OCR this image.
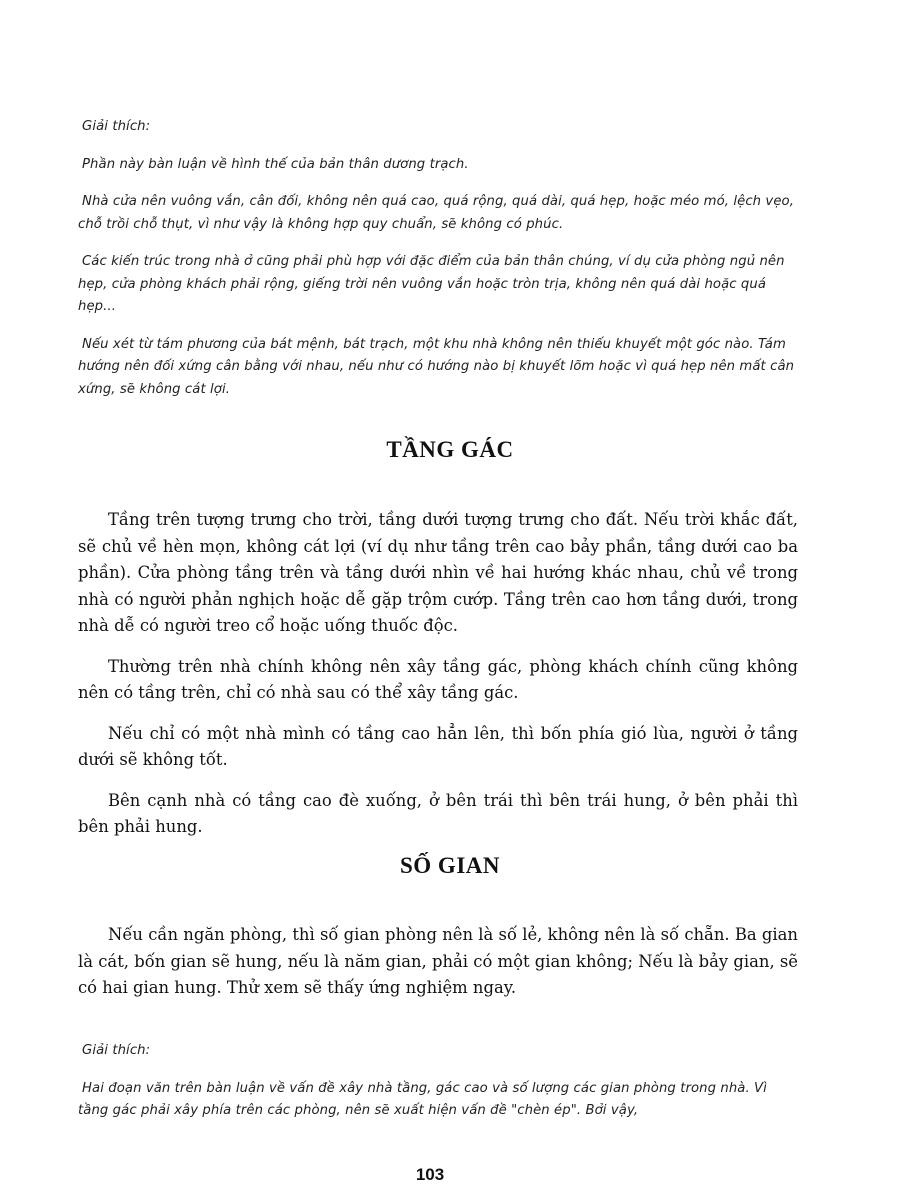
Giải thích:

Phần này bàn luận về hình thế của bản thân dương trạch.

Nhà cửa nên vuông vắn, cân đối, không nên quá cao, quá rộng, quá dài, quá hẹp, hoặc méo mó, lệch vẹo, chỗ trồi chỗ thụt, vì như vậy là không hợp quy chuẩn, sẽ không có phúc.

Các kiến trúc trong nhà ở cũng phải phù hợp với đặc điểm của bản thân chúng, ví dụ cửa phòng ngủ nên hẹp, cửa phòng khách phải rộng, giếng trời nên vuông vắn hoặc tròn trịa, không nên quá dài hoặc quá hẹp...

Nếu xét từ tám phương của bát mệnh, bát trạch, một khu nhà không nên thiếu khuyết một góc nào. Tám hướng nên đối xứng cân bằng với nhau, nếu như có hướng nào bị khuyết lõm hoặc vì quá hẹp nên mất cân xứng, sẽ không cát lợi.

TẦNG GÁC

Tầng trên tượng trưng cho trời, tầng dưới tượng trưng cho đất. Nếu trời khắc đất, sẽ chủ về hèn mọn, không cát lợi (ví dụ như tầng trên cao bảy phần, tầng dưới cao ba phần). Cửa phòng tầng trên và tầng dưới nhìn về hai hướng khác nhau, chủ về trong nhà có người phản nghịch hoặc dễ gặp trộm cướp. Tầng trên cao hơn tầng dưới, trong nhà dễ có người treo cổ hoặc uống thuốc độc.

Thường trên nhà chính không nên xây tầng gác, phòng khách chính cũng không nên có tầng trên, chỉ có nhà sau có thể xây tầng gác.

Nếu chỉ có một nhà mình có tầng cao hẳn lên, thì bốn phía gió lùa, người ở tầng dưới sẽ không tốt.

Bên cạnh nhà có tầng cao đè xuống, ở bên trái thì bên trái hung, ở bên phải thì bên phải hung.

SỐ GIAN

Nếu cần ngăn phòng, thì số gian phòng nên là số lẻ, không nên là số chẵn. Ba gian là cát, bốn gian sẽ hung, nếu là năm gian, phải có một gian không; Nếu là bảy gian, sẽ có hai gian hung. Thử xem sẽ thấy ứng nghiệm ngay.

Giải thích:

Hai đoạn văn trên bàn luận về vấn đề xây nhà tầng, gác cao và số lượng các gian phòng trong nhà. Vì tầng gác phải xây phía trên các phòng, nên sẽ xuất hiện vấn đề "chèn ép". Bởi vậy,

103
